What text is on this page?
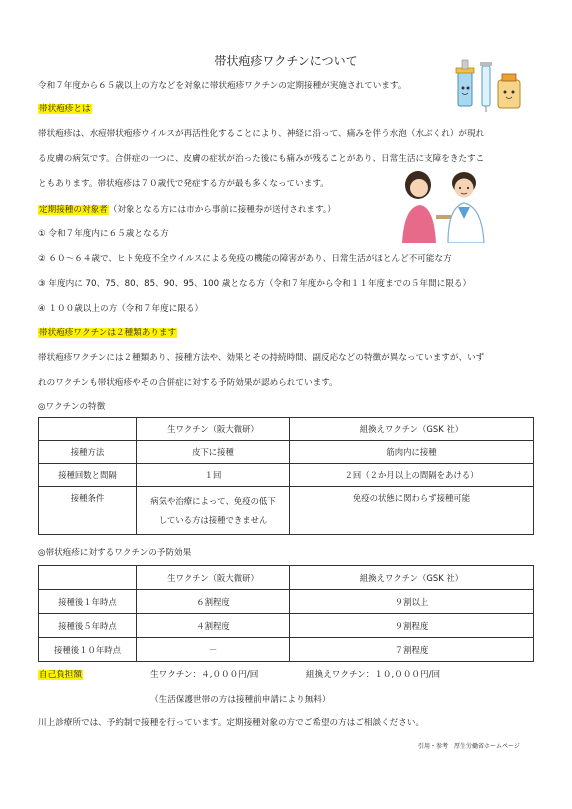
帯状疱疹ワクチンについて
令和７年度から６５歳以上の方などを対象に帯状疱疹ワクチンの定期接種が実施されています。
帯状疱疹とは
帯状疱疹は、水痘帯状疱疹ウイルスが再活性化することにより、神経に沿って、痛みを伴う水泡（水ぶくれ）が現れ
る皮膚の病気です。合併症の一つに、皮膚の症状が治った後にも痛みが残ることがあり、日常生活に支障をきたすこ
ともあります。帯状疱疹は７０歳代で発症する方が最も多くなっています。
定期接種の対象者（対象となる方には市から事前に接種券が送付されます。）
① 令和７年度内に６５歳となる方
② ６０～６４歳で、ヒト免疫不全ウイルスによる免疫の機能の障害があり、日常生活がほとんど不可能な方
③ 年度内に 70、75、80、85、90、95、100 歳となる方（令和７年度から令和１１年度までの５年間に限る）
④ １００歳以上の方（令和７年度に限る）
帯状疱疹ワクチンは２種類あります
帯状疱疹ワクチンには２種類あり、接種方法や、効果とその持続時間、副反応などの特徴が異なっていますが、いず
れのワクチンも帯状疱疹やその合併症に対する予防効果が認められています。
◎ワクチンの特徴
	生ワクチン（阪大微研）	組換えワクチン（GSK 社）
接種方法	皮下に接種	筋肉内に接種
接種回数と間隔	１回	２回（２か月以上の間隔をあける）
接種条件	病気や治療によって、免疫の低下
している方は接種できません	免疫の状態に関わらず接種可能
◎帯状疱疹に対するワクチンの予防効果
	生ワクチン（阪大微研）	組換えワクチン（GSK 社）
接種後１年時点	６割程度	９割以上
接種後５年時点	４割程度	９割程度
接種後１０年時点	－	７割程度
自己負担額	生ワクチン：４,０００円/回	組換えワクチン：１０,０００円/回
（生活保護世帯の方は接種前申請により無料）
川上診療所では、予約制で接種を行っています。定期接種対象の方でご希望の方はご相談ください。
引用・参考　厚生労働省ホームページ
